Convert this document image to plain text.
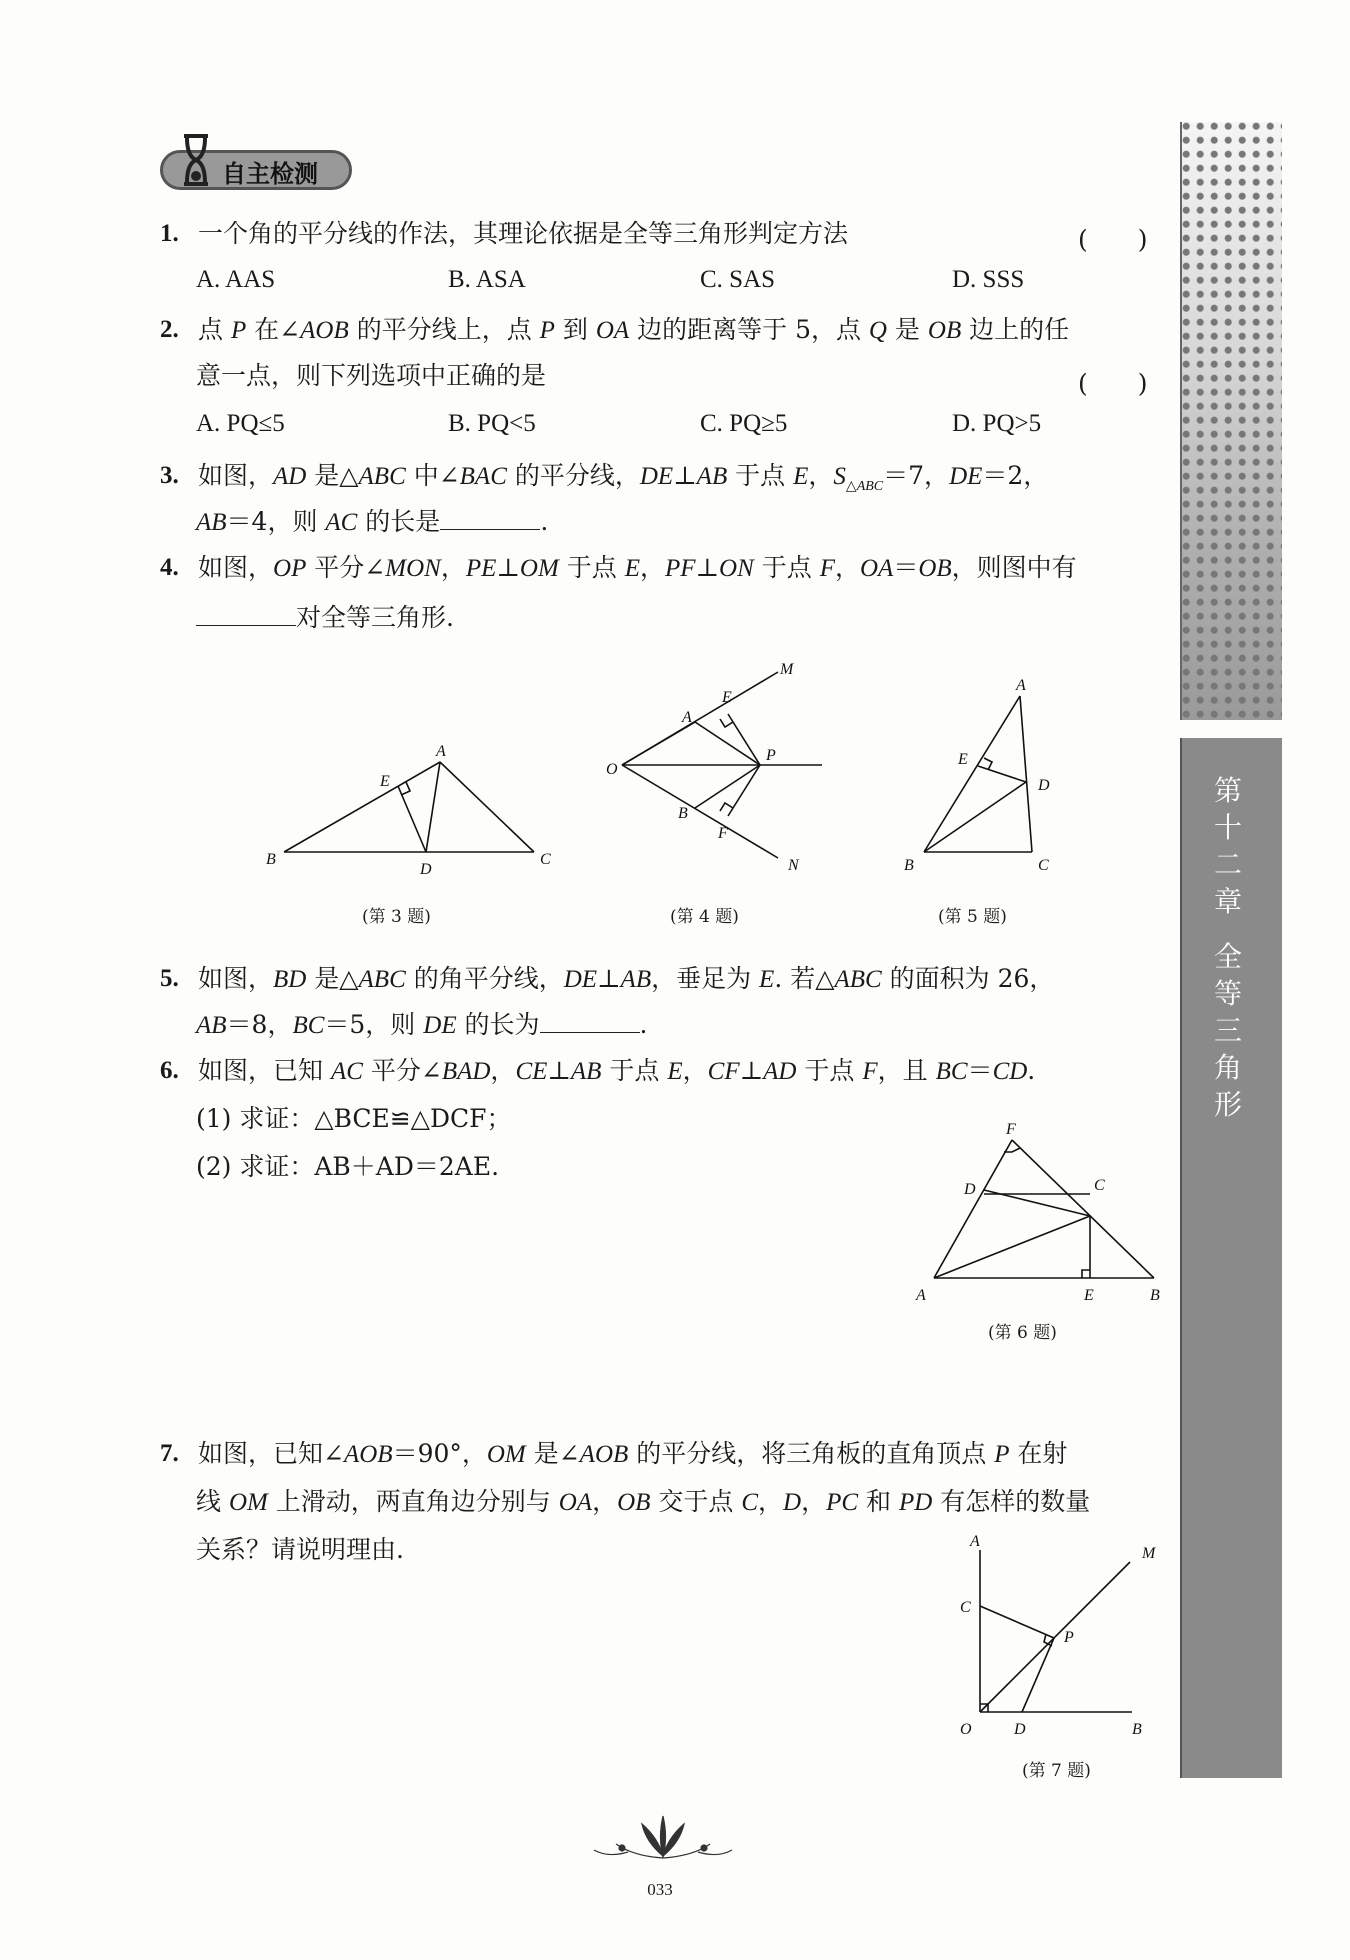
第
十
二
章
全
等
三
角
形
自主检测
1. 一个角的平分线的作法，其理论依据是全等三角形判定方法	(　　)
A. AAS	B. ASA	C. SAS	D. SSS
2. 点 P 在∠AOB 的平分线上，点 P 到 OA 边的距离等于 5，点 Q 是 OB 边上的任
意一点，则下列选项中正确的是	(　　)
A. PQ≤5	B. PQ<5	C. PQ≥5	D. PQ>5
3. 如图，AD 是△ABC 中∠BAC 的平分线，DE⊥AB 于点 E，$S_{\triangle ABC}=7$，DE＝2，
AB＝4，则 AC 的长是	.
4. 如图，OP 平分∠MON，PE⊥OM 于点 E，PF⊥ON 于点 F，OA＝OB，则图中有
对全等三角形.
A
B	C
D
E
(第 3 题)
M
E
A
O
P
B
F
N
(第 4 题)
A
E
D
B	C
(第 5 题)
5. 如图，BD 是△ABC 的角平分线，DE⊥AB，垂足为 E. 若△ABC 的面积为 26，
AB＝8，BC＝5，则 DE 的长为	.
6. 如图，已知 AC 平分∠BAD，CE⊥AB 于点 E，CF⊥AD 于点 F，且 BC＝CD.
(1) 求证：△BCE≌△DCF；
(2) 求证：AB＋AD＝2AE.
F
D	C
A	E	B
(第 6 题)
7. 如图，已知∠AOB＝90°，OM 是∠AOB 的平分线，将三角板的直角顶点 P 在射
线 OM 上滑动，两直角边分别与 OA，OB 交于点 C，D，PC 和 PD 有怎样的数量
关系？请说明理由.	A
M
C
P
O	D	B
(第 7 题)
033
